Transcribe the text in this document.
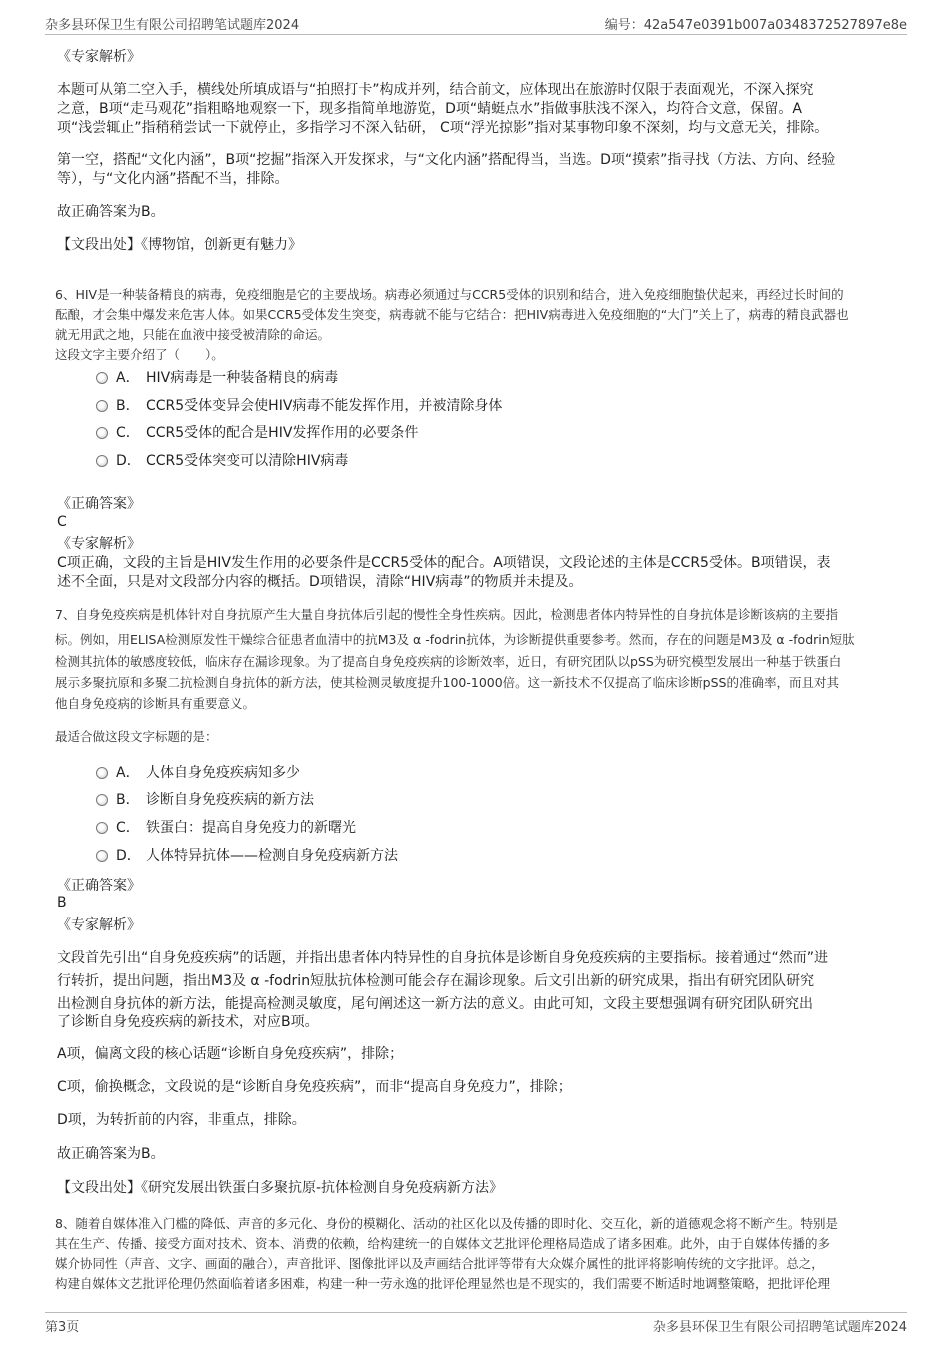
杂多县环保卫生有限公司招聘笔试题库2024	编号：42a547e0391b007a0348372527897e8e
《专家解析》
本题可从第二空入手，横线处所填成语与“拍照打卡”构成并列，结合前文，应体现出在旅游时仅限于表面观光，不深入探究
之意，B项“走马观花”指粗略地观察一下，现多指简单地游览，D项“蜻蜓点水”指做事肤浅不深入，均符合文意，保留。A
项“浅尝辄止”指稍稍尝试一下就停止，多指学习不深入钻研， C项“浮光掠影”指对某事物印象不深刻，均与文意无关，排除。
第一空，搭配“文化内涵”，B项“挖掘”指深入开发探求，与“文化内涵”搭配得当，当选。D项“摸索”指寻找（方法、方向、经验
等），与“文化内涵”搭配不当，排除。
故正确答案为B。
【文段出处】《博物馆，创新更有魅力》
6、HIV是一种装备精良的病毒，免疫细胞是它的主要战场。病毒必须通过与CCR5受体的识别和结合，进入免疫细胞蛰伏起来，再经过长时间的
酝酿，才会集中爆发来危害人体。如果CCR5受体发生突变，病毒就不能与它结合：把HIV病毒进入免疫细胞的“大门”关上了，病毒的精良武器也
就无用武之地，只能在血液中接受被清除的命运。
这段文字主要介绍了（　　）。
A． HIV病毒是一种装备精良的病毒
B． CCR5受体变异会使HIV病毒不能发挥作用，并被清除身体
C． CCR5受体的配合是HIV发挥作用的必要条件
D． CCR5受体突变可以清除HIV病毒
《正确答案》
C
《专家解析》
C项正确，文段的主旨是HIV发生作用的必要条件是CCR5受体的配合。A项错误，文段论述的主体是CCR5受体。B项错误，表
述不全面，只是对文段部分内容的概括。D项错误，清除“HIV病毒”的物质并未提及。
7、自身免疫疾病是机体针对自身抗原产生大量自身抗体后引起的慢性全身性疾病。因此，检测患者体内特异性的自身抗体是诊断该病的主要指
标。例如，用ELISA检测原发性干燥综合征患者血清中的抗M3及 α -fodrin抗体，为诊断提供重要参考。然而，存在的问题是M3及 α -fodrin短肽
检测其抗体的敏感度较低，临床存在漏诊现象。为了提高自身免疫疾病的诊断效率，近日，有研究团队以pSS为研究模型发展出一种基于铁蛋白
展示多聚抗原和多聚二抗检测自身抗体的新方法，使其检测灵敏度提升100-1000倍。这一新技术不仅提高了临床诊断pSS的准确率，而且对其
他自身免疫病的诊断具有重要意义。
最适合做这段文字标题的是：
A． 人体自身免疫疾病知多少
B． 诊断自身免疫疾病的新方法
C． 铁蛋白：提高自身免疫力的新曙光
D． 人体特异抗体——检测自身免疫病新方法
《正确答案》
B
《专家解析》
文段首先引出“自身免疫疾病”的话题，并指出患者体内特异性的自身抗体是诊断自身免疫疾病的主要指标。接着通过“然而”进
行转折，提出问题，指出M3及 α -fodrin短肽抗体检测可能会存在漏诊现象。后文引出新的研究成果，指出有研究团队研究
出检测自身抗体的新方法，能提高检测灵敏度，尾句阐述这一新方法的意义。由此可知，文段主要想强调有研究团队研究出
了诊断自身免疫疾病的新技术，对应B项。
A项，偏离文段的核心话题“诊断自身免疫疾病”，排除；
C项，偷换概念，文段说的是“诊断自身免疫疾病”，而非“提高自身免疫力”，排除；
D项，为转折前的内容，非重点，排除。
故正确答案为B。
【文段出处】《研究发展出铁蛋白多聚抗原-抗体检测自身免疫病新方法》
8、随着自媒体准入门槛的降低、声音的多元化、身份的模糊化、活动的社区化以及传播的即时化、交互化，新的道德观念将不断产生。特别是
其在生产、传播、接受方面对技术、资本、消费的依赖，给构建统一的自媒体文艺批评伦理格局造成了诸多困难。此外，由于自媒体传播的多
媒介协同性（声音、文字、画面的融合），声音批评、图像批评以及声画结合批评等带有大众媒介属性的批评将影响传统的文字批评。总之，
构建自媒体文艺批评伦理仍然面临着诸多困难，构建一种一劳永逸的批评伦理显然也是不现实的，我们需要不断适时地调整策略，把批评伦理
第3页	杂多县环保卫生有限公司招聘笔试题库2024
